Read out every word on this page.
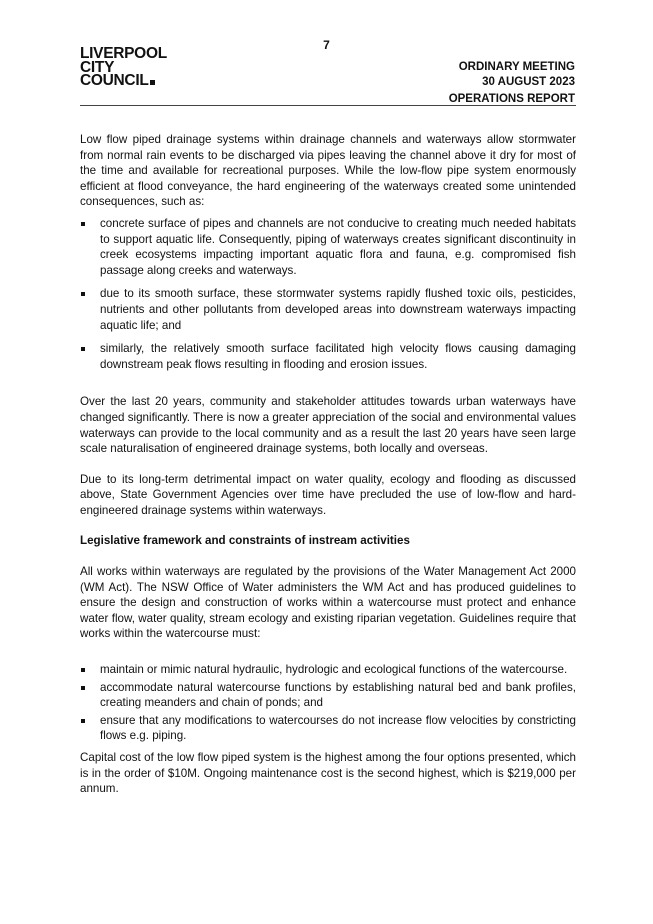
7
LIVERPOOL
CITY
COUNCIL
ORDINARY MEETING
30 AUGUST 2023
OPERATIONS REPORT

Low flow piped drainage systems within drainage channels and waterways allow stormwater from normal rain events to be discharged via pipes leaving the channel above it dry for most of the time and available for recreational purposes. While the low-flow pipe system enormously efficient at flood conveyance, the hard engineering of the waterways created some unintended consequences, such as:

concrete surface of pipes and channels are not conducive to creating much needed habitats to support aquatic life. Consequently, piping of waterways creates significant discontinuity in creek ecosystems impacting important aquatic flora and fauna, e.g. compromised fish passage along creeks and waterways.
due to its smooth surface, these stormwater systems rapidly flushed toxic oils, pesticides, nutrients and other pollutants from developed areas into downstream waterways impacting aquatic life; and
similarly, the relatively smooth surface facilitated high velocity flows causing damaging downstream peak flows resulting in flooding and erosion issues.

Over the last 20 years, community and stakeholder attitudes towards urban waterways have changed significantly. There is now a greater appreciation of the social and environmental values waterways can provide to the local community and as a result the last 20 years have seen large scale naturalisation of engineered drainage systems, both locally and overseas.

Due to its long-term detrimental impact on water quality, ecology and flooding as discussed above, State Government Agencies over time have precluded the use of low-flow and hard-engineered drainage systems within waterways.

Legislative framework and constraints of instream activities

All works within waterways are regulated by the provisions of the Water Management Act 2000 (WM Act). The NSW Office of Water administers the WM Act and has produced guidelines to ensure the design and construction of works within a watercourse must protect and enhance water flow, water quality, stream ecology and existing riparian vegetation. Guidelines require that works within the watercourse must:

maintain or mimic natural hydraulic, hydrologic and ecological functions of the watercourse.
accommodate natural watercourse functions by establishing natural bed and bank profiles, creating meanders and chain of ponds; and
ensure that any modifications to watercourses do not increase flow velocities by constricting flows e.g. piping.

Capital cost of the low flow piped system is the highest among the four options presented, which is in the order of $10M. Ongoing maintenance cost is the second highest, which is $219,000 per annum.
